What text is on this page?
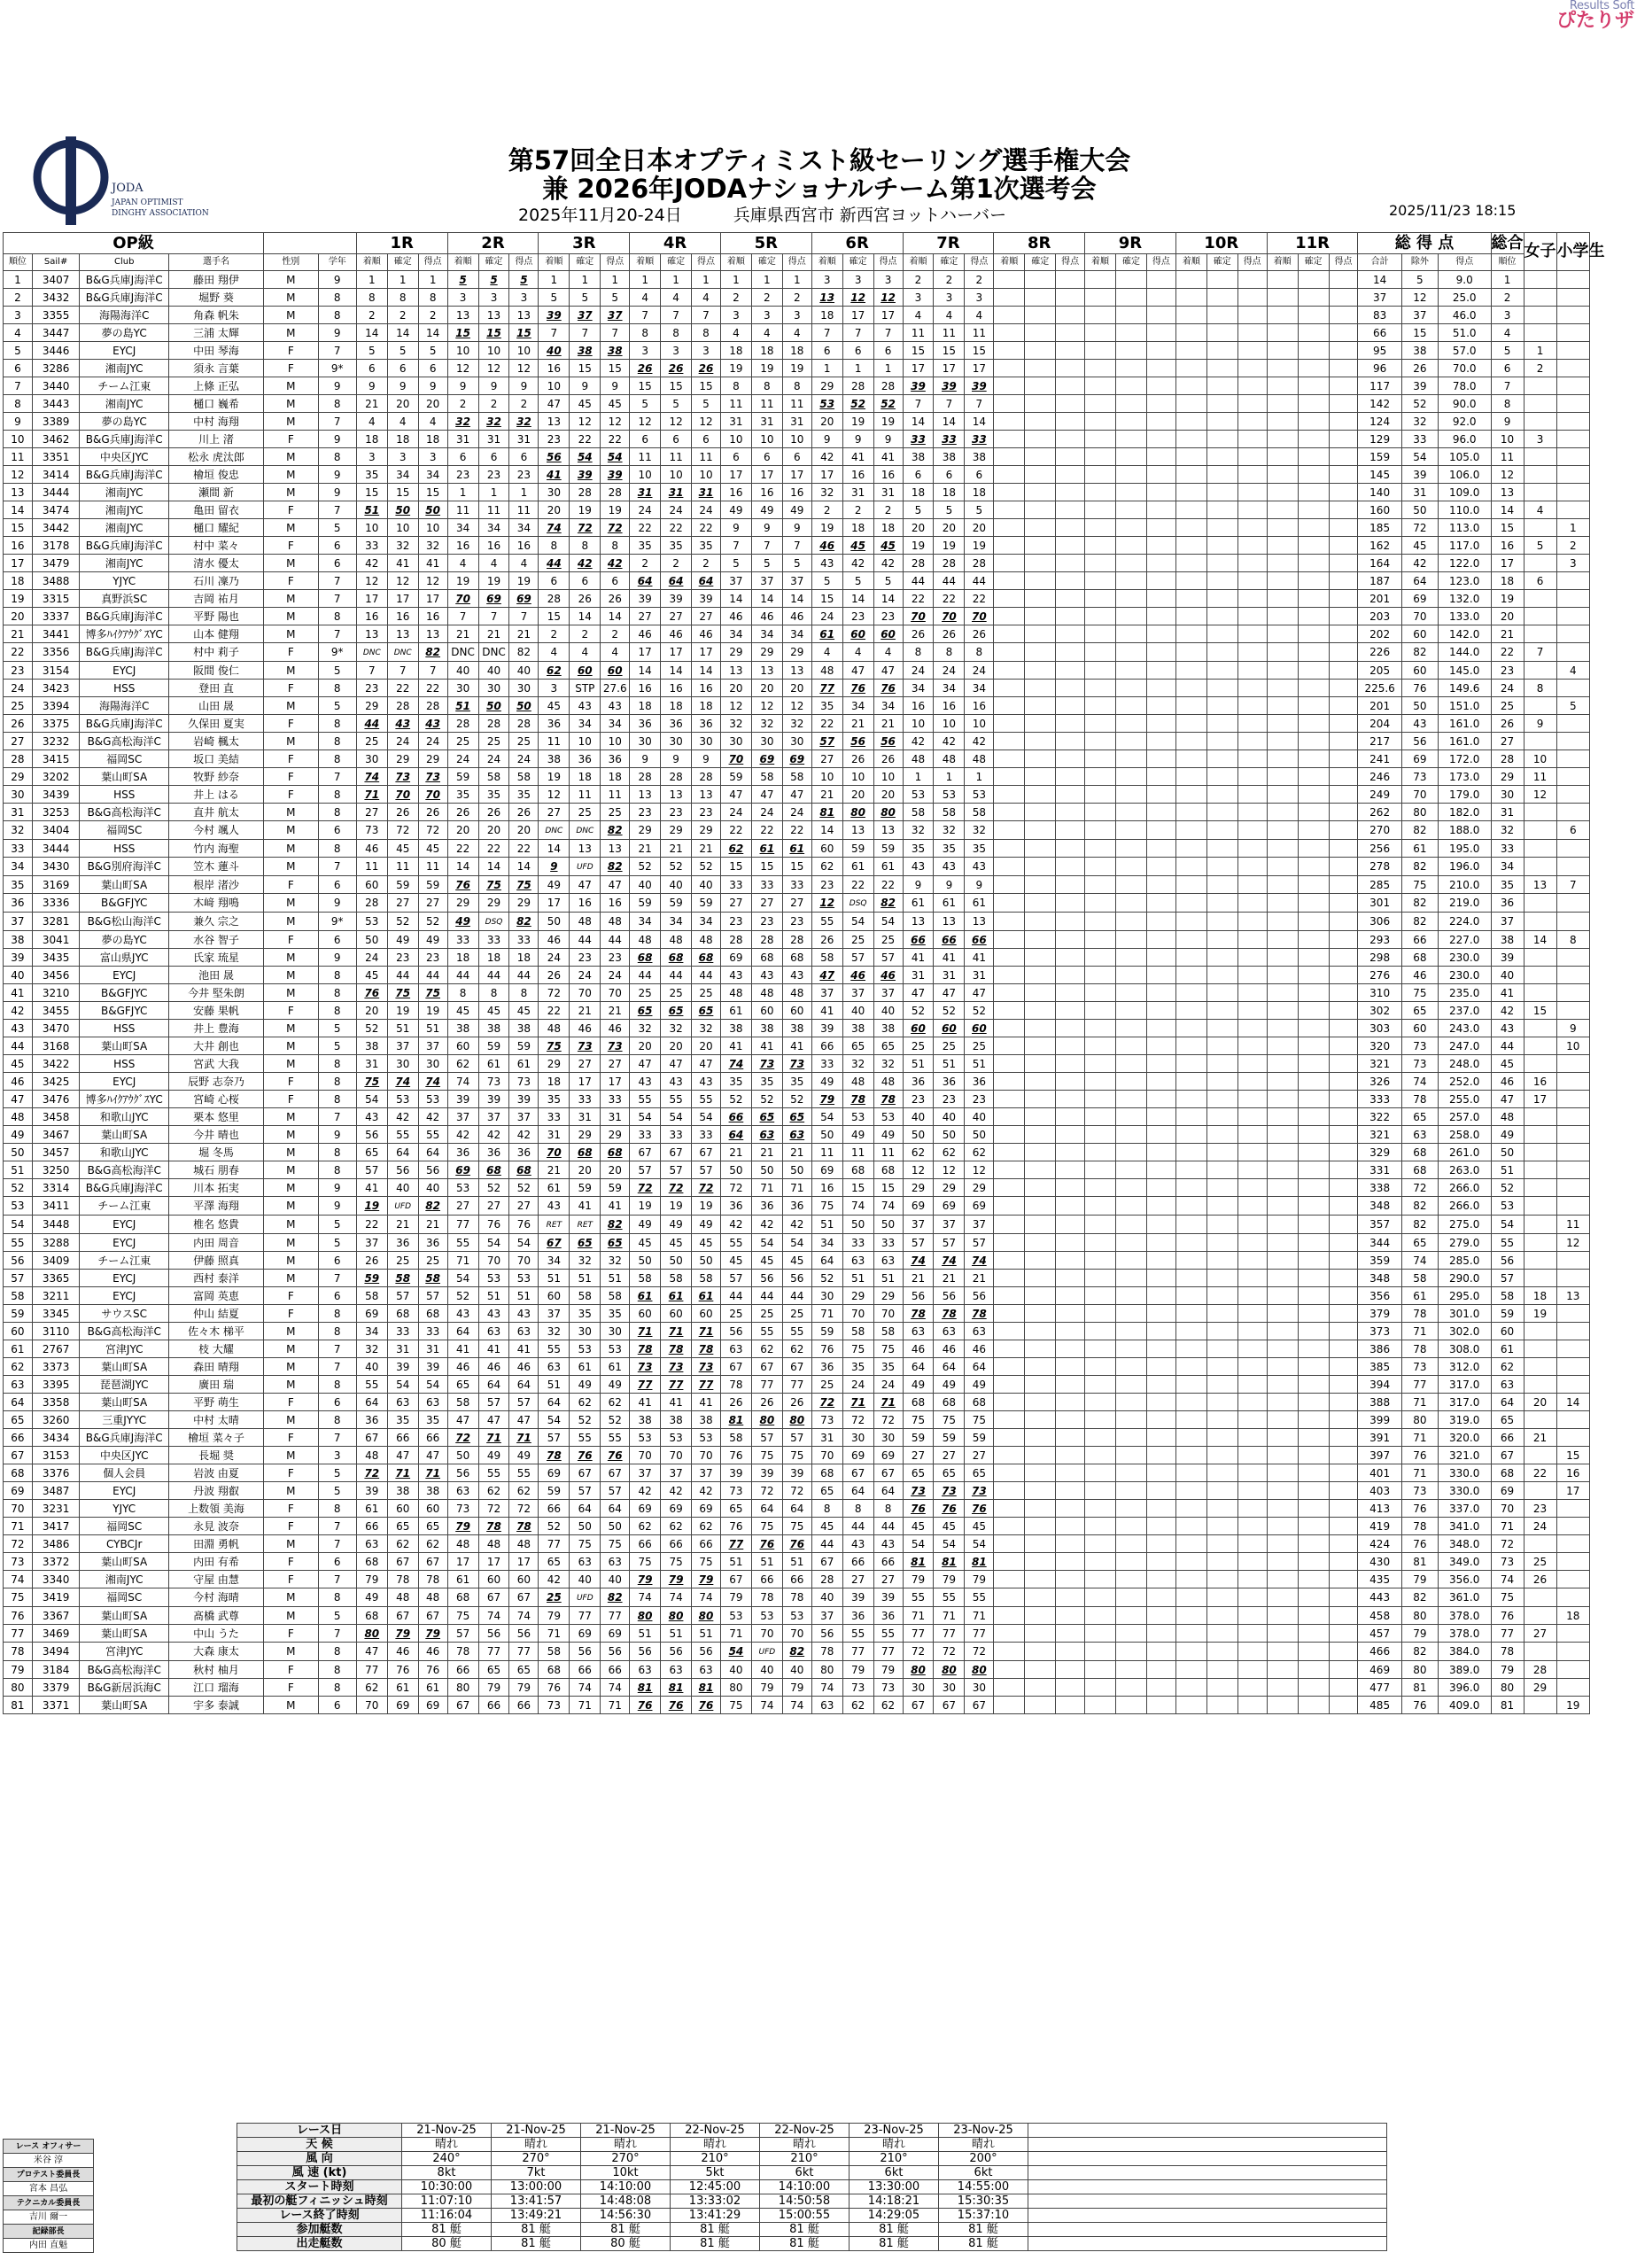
Results Soft
ぴたりザ
JODA
JAPAN OPTIMIST
DINGHY ASSOCIATION
第57回全日本オプティミスト級セーリング選手権大会
兼 2026年JODAナショナルチーム第1次選考会
2025年11月20-24日	兵庫県西宮市 新西宮ヨットハーバー	2025/11/23 18:15
OP級						1R			2R			3R			4R			5R			6R			7R			8R			9R			10R			11R			総 得 点			総合	女子	小学生
順位	Sail#	Club	選手名	性別	学年	着順	確定	得点	着順	確定	得点	着順	確定	得点	着順	確定	得点	着順	確定	得点	着順	確定	得点	着順	確定	得点	着順	確定	得点	着順	確定	得点	着順	確定	得点	着順	確定	得点	合計	除外	得点	順位		
1	3407	B&G兵庫J海洋C	藤田 翔伊	M	9	1	1	1	5	5	5	1	1	1	1	1	1	1	1	1	3	3	3	2	2	2													14	5	9.0	1		
2	3432	B&G兵庫J海洋C	堀野 葵	M	8	8	8	8	3	3	3	5	5	5	4	4	4	2	2	2	13	12	12	3	3	3													37	12	25.0	2		
3	3355	海陽海洋C	角森 帆朱	M	8	2	2	2	13	13	13	39	37	37	7	7	7	3	3	3	18	17	17	4	4	4													83	37	46.0	3		
4	3447	夢の島YC	三浦 太輝	M	9	14	14	14	15	15	15	7	7	7	8	8	8	4	4	4	7	7	7	11	11	11													66	15	51.0	4		
5	3446	EYCJ	中田 琴海	F	7	5	5	5	10	10	10	40	38	38	3	3	3	18	18	18	6	6	6	15	15	15													95	38	57.0	5	1	
6	3286	湘南JYC	須永 言葉	F	9*	6	6	6	12	12	12	16	15	15	26	26	26	19	19	19	1	1	1	17	17	17													96	26	70.0	6	2	
7	3440	チーム江東	上條 正弘	M	9	9	9	9	9	9	9	10	9	9	15	15	15	8	8	8	29	28	28	39	39	39													117	39	78.0	7		
8	3443	湘南JYC	樋口 巍希	M	8	21	20	20	2	2	2	47	45	45	5	5	5	11	11	11	53	52	52	7	7	7													142	52	90.0	8		
9	3389	夢の島YC	中村 海翔	M	7	4	4	4	32	32	32	13	12	12	12	12	12	31	31	31	20	19	19	14	14	14													124	32	92.0	9		
10	3462	B&G兵庫J海洋C	川上 渚	F	9	18	18	18	31	31	31	23	22	22	6	6	6	10	10	10	9	9	9	33	33	33													129	33	96.0	10	3	
11	3351	中央区JYC	松永 虎汰郎	M	8	3	3	3	6	6	6	56	54	54	11	11	11	6	6	6	42	41	41	38	38	38													159	54	105.0	11		
12	3414	B&G兵庫J海洋C	檜垣 俊忠	M	9	35	34	34	23	23	23	41	39	39	10	10	10	17	17	17	17	16	16	6	6	6													145	39	106.0	12		
13	3444	湘南JYC	瀬間 新	M	9	15	15	15	1	1	1	30	28	28	31	31	31	16	16	16	32	31	31	18	18	18													140	31	109.0	13		
14	3474	湘南JYC	亀田 留衣	F	7	51	50	50	11	11	11	20	19	19	24	24	24	49	49	49	2	2	2	5	5	5													160	50	110.0	14	4	
15	3442	湘南JYC	樋口 耀紀	M	5	10	10	10	34	34	34	74	72	72	22	22	22	9	9	9	19	18	18	20	20	20													185	72	113.0	15		1
16	3178	B&G兵庫J海洋C	村中 菜々	F	6	33	32	32	16	16	16	8	8	8	35	35	35	7	7	7	46	45	45	19	19	19													162	45	117.0	16	5	2
17	3479	湘南JYC	清水 優太	M	6	42	41	41	4	4	4	44	42	42	2	2	2	5	5	5	43	42	42	28	28	28													164	42	122.0	17		3
18	3488	YJYC	石川 凜乃	F	7	12	12	12	19	19	19	6	6	6	64	64	64	37	37	37	5	5	5	44	44	44													187	64	123.0	18	6	
19	3315	真野浜SC	吉岡 祐月	M	7	17	17	17	70	69	69	28	26	26	39	39	39	14	14	14	15	14	14	22	22	22													201	69	132.0	19		
20	3337	B&G兵庫J海洋C	平野 陽也	M	8	16	16	16	7	7	7	15	14	14	27	27	27	46	46	46	24	23	23	70	70	70													203	70	133.0	20		
21	3441	博多ﾊｲｸｱｳｸﾞｽYC	山本 健翔	M	7	13	13	13	21	21	21	2	2	2	46	46	46	34	34	34	61	60	60	26	26	26													202	60	142.0	21		
22	3356	B&G兵庫J海洋C	村中 莉子	F	9*	DNC	DNC	82	DNC	DNC	82	4	4	4	17	17	17	29	29	29	4	4	4	8	8	8													226	82	144.0	22	7	
23	3154	EYCJ	阪間 俊仁	M	5	7	7	7	40	40	40	62	60	60	14	14	14	13	13	13	48	47	47	24	24	24													205	60	145.0	23		4
24	3423	HSS	登田 直	F	8	23	22	22	30	30	30	3	STP	27.6	16	16	16	20	20	20	77	76	76	34	34	34													225.6	76	149.6	24	8	
25	3394	海陽海洋C	山田 晟	M	5	29	28	28	51	50	50	45	43	43	18	18	18	12	12	12	35	34	34	16	16	16													201	50	151.0	25		5
26	3375	B&G兵庫J海洋C	久保田 夏実	F	8	44	43	43	28	28	28	36	34	34	36	36	36	32	32	32	22	21	21	10	10	10													204	43	161.0	26	9	
27	3232	B&G高松海洋C	岩崎 楓太	M	8	25	24	24	25	25	25	11	10	10	30	30	30	30	30	30	57	56	56	42	42	42													217	56	161.0	27		
28	3415	福岡SC	坂口 美結	F	8	30	29	29	24	24	24	38	36	36	9	9	9	70	69	69	27	26	26	48	48	48													241	69	172.0	28	10	
29	3202	葉山町SA	牧野 紗奈	F	7	74	73	73	59	58	58	19	18	18	28	28	28	59	58	58	10	10	10	1	1	1													246	73	173.0	29	11	
30	3439	HSS	井上 はる	F	8	71	70	70	35	35	35	12	11	11	13	13	13	47	47	47	21	20	20	53	53	53													249	70	179.0	30	12	
31	3253	B&G高松海洋C	直井 航太	M	8	27	26	26	26	26	26	27	25	25	23	23	23	24	24	24	81	80	80	58	58	58													262	80	182.0	31		
32	3404	福岡SC	今村 颯人	M	6	73	72	72	20	20	20	DNC	DNC	82	29	29	29	22	22	22	14	13	13	32	32	32													270	82	188.0	32		6
33	3444	HSS	竹内 海聖	M	8	46	45	45	22	22	22	14	13	13	21	21	21	62	61	61	60	59	59	35	35	35													256	61	195.0	33		
34	3430	B&G別府海洋C	笠木 蓮斗	M	7	11	11	11	14	14	14	9	UFD	82	52	52	52	15	15	15	62	61	61	43	43	43													278	82	196.0	34		
35	3169	葉山町SA	根岸 渚沙	F	6	60	59	59	76	75	75	49	47	47	40	40	40	33	33	33	23	22	22	9	9	9													285	75	210.0	35	13	7
36	3336	B&GFJYC	木﨑 翔鳴	M	9	28	27	27	29	29	29	17	16	16	59	59	59	27	27	27	12	DSQ	82	61	61	61													301	82	219.0	36		
37	3281	B&G松山海洋C	兼久 宗之	M	9*	53	52	52	49	DSQ	82	50	48	48	34	34	34	23	23	23	55	54	54	13	13	13													306	82	224.0	37		
38	3041	夢の島YC	水谷 智子	F	6	50	49	49	33	33	33	46	44	44	48	48	48	28	28	28	26	25	25	66	66	66													293	66	227.0	38	14	8
39	3435	富山県JYC	氏家 琉星	M	9	24	23	23	18	18	18	24	23	23	68	68	68	69	68	68	58	57	57	41	41	41													298	68	230.0	39		
40	3456	EYCJ	池田 晟	M	8	45	44	44	44	44	44	26	24	24	44	44	44	43	43	43	47	46	46	31	31	31													276	46	230.0	40		
41	3210	B&GFJYC	今井 堅朱朗	M	8	76	75	75	8	8	8	72	70	70	25	25	25	48	48	48	37	37	37	47	47	47													310	75	235.0	41		
42	3455	B&GFJYC	安藤 果帆	F	8	20	19	19	45	45	45	22	21	21	65	65	65	61	60	60	41	40	40	52	52	52													302	65	237.0	42	15	
43	3470	HSS	井上 豊海	M	5	52	51	51	38	38	38	48	46	46	32	32	32	38	38	38	39	38	38	60	60	60													303	60	243.0	43		9
44	3168	葉山町SA	大井 創也	M	5	38	37	37	60	59	59	75	73	73	20	20	20	41	41	41	66	65	65	25	25	25													320	73	247.0	44		10
45	3422	HSS	宮武 大我	M	8	31	30	30	62	61	61	29	27	27	47	47	47	74	73	73	33	32	32	51	51	51													321	73	248.0	45		
46	3425	EYCJ	辰野 志奈乃	F	8	75	74	74	74	73	73	18	17	17	43	43	43	35	35	35	49	48	48	36	36	36													326	74	252.0	46	16	
47	3476	博多ﾊｲｸｱｳｸﾞｽYC	宮崎 心桜	F	8	54	53	53	39	39	39	35	33	33	55	55	55	52	52	52	79	78	78	23	23	23													333	78	255.0	47	17	
48	3458	和歌山JYC	栗本 悠里	M	7	43	42	42	37	37	37	33	31	31	54	54	54	66	65	65	54	53	53	40	40	40													322	65	257.0	48		
49	3467	葉山町SA	今井 晴也	M	9	56	55	55	42	42	42	31	29	29	33	33	33	64	63	63	50	49	49	50	50	50													321	63	258.0	49		
50	3457	和歌山JYC	堀 冬馬	M	8	65	64	64	36	36	36	70	68	68	67	67	67	21	21	21	11	11	11	62	62	62													329	68	261.0	50		
51	3250	B&G高松海洋C	城石 朋春	M	8	57	56	56	69	68	68	21	20	20	57	57	57	50	50	50	69	68	68	12	12	12													331	68	263.0	51		
52	3314	B&G兵庫J海洋C	川本 拓実	M	9	41	40	40	53	52	52	61	59	59	72	72	72	72	71	71	16	15	15	29	29	29													338	72	266.0	52		
53	3411	チーム江東	平澤 海翔	M	9	19	UFD	82	27	27	27	43	41	41	19	19	19	36	36	36	75	74	74	69	69	69													348	82	266.0	53		
54	3448	EYCJ	椎名 悠貴	M	5	22	21	21	77	76	76	RET	RET	82	49	49	49	42	42	42	51	50	50	37	37	37													357	82	275.0	54		11
55	3288	EYCJ	内田 周音	M	5	37	36	36	55	54	54	67	65	65	45	45	45	55	54	54	34	33	33	57	57	57													344	65	279.0	55		12
56	3409	チーム江東	伊藤 照真	M	6	26	25	25	71	70	70	34	32	32	50	50	50	45	45	45	64	63	63	74	74	74													359	74	285.0	56		
57	3365	EYCJ	西村 泰洋	M	7	59	58	58	54	53	53	51	51	51	58	58	58	57	56	56	52	51	51	21	21	21													348	58	290.0	57		
58	3211	EYCJ	富岡 英恵	F	6	58	57	57	52	51	51	60	58	58	61	61	61	44	44	44	30	29	29	56	56	56													356	61	295.0	58	18	13
59	3345	サウスSC	仲山 結夏	F	8	69	68	68	43	43	43	37	35	35	60	60	60	25	25	25	71	70	70	78	78	78													379	78	301.0	59	19	
60	3110	B&G高松海洋C	佐々木 梯平	M	8	34	33	33	64	63	63	32	30	30	71	71	71	56	55	55	59	58	58	63	63	63													373	71	302.0	60		
61	2767	宮津JYC	枝 大耀	M	7	32	31	31	41	41	41	55	53	53	78	78	78	63	62	62	76	75	75	46	46	46													386	78	308.0	61		
62	3373	葉山町SA	森田 晴翔	M	7	40	39	39	46	46	46	63	61	61	73	73	73	67	67	67	36	35	35	64	64	64													385	73	312.0	62		
63	3395	琵琶湖JYC	廣田 瑞	M	8	55	54	54	65	64	64	51	49	49	77	77	77	78	77	77	25	24	24	49	49	49													394	77	317.0	63		
64	3358	葉山町SA	平野 萌生	F	6	64	63	63	58	57	57	64	62	62	41	41	41	26	26	26	72	71	71	68	68	68													388	71	317.0	64	20	14
65	3260	三重JYYC	中村 太晴	M	8	36	35	35	47	47	47	54	52	52	38	38	38	81	80	80	73	72	72	75	75	75													399	80	319.0	65		
66	3434	B&G兵庫J海洋C	檜垣 菜々子	F	7	67	66	66	72	71	71	57	55	55	53	53	53	58	57	57	31	30	30	59	59	59													391	71	320.0	66	21	
67	3153	中央区JYC	長堀 奨	M	3	48	47	47	50	49	49	78	76	76	70	70	70	76	75	75	70	69	69	27	27	27													397	76	321.0	67		15
68	3376	個人会員	岩波 由夏	F	5	72	71	71	56	55	55	69	67	67	37	37	37	39	39	39	68	67	67	65	65	65													401	71	330.0	68	22	16
69	3487	EYCJ	丹波 翔叡	M	5	39	38	38	63	62	62	59	57	57	42	42	42	73	72	72	65	64	64	73	73	73													403	73	330.0	69		17
70	3231	YJYC	上数領 美海	F	8	61	60	60	73	72	72	66	64	64	69	69	69	65	64	64	8	8	8	76	76	76													413	76	337.0	70	23	
71	3417	福岡SC	永見 波奈	F	7	66	65	65	79	78	78	52	50	50	62	62	62	76	75	75	45	44	44	45	45	45													419	78	341.0	71	24	
72	3486	CYBCJr	田淵 勇帆	M	7	63	62	62	48	48	48	77	75	75	66	66	66	77	76	76	44	43	43	54	54	54													424	76	348.0	72		
73	3372	葉山町SA	内田 有希	F	6	68	67	67	17	17	17	65	63	63	75	75	75	51	51	51	67	66	66	81	81	81													430	81	349.0	73	25	
74	3340	湘南JYC	守屋 由慧	F	7	79	78	78	61	60	60	42	40	40	79	79	79	67	66	66	28	27	27	79	79	79													435	79	356.0	74	26	
75	3419	福岡SC	今村 海晴	M	8	49	48	48	68	67	67	25	UFD	82	74	74	74	79	78	78	40	39	39	55	55	55													443	82	361.0	75		
76	3367	葉山町SA	髙橋 武尊	M	5	68	67	67	75	74	74	79	77	77	80	80	80	53	53	53	37	36	36	71	71	71													458	80	378.0	76		18
77	3469	葉山町SA	中山 うた	F	7	80	79	79	57	56	56	71	69	69	51	51	51	71	70	70	56	55	55	77	77	77													457	79	378.0	77	27	
78	3494	宮津JYC	大森 康太	M	8	47	46	46	78	77	77	58	56	56	56	56	56	54	UFD	82	78	77	77	72	72	72													466	82	384.0	78		
79	3184	B&G高松海洋C	秋村 柚月	F	8	77	76	76	66	65	65	68	66	66	63	63	63	40	40	40	80	79	79	80	80	80													469	80	389.0	79	28	
80	3379	B&G新居浜海C	江口 瑠海	F	8	62	61	61	80	79	79	76	74	74	81	81	81	80	79	79	74	73	73	30	30	30													477	81	396.0	80	29	
81	3371	葉山町SA	宇多 泰誠	M	6	70	69	69	67	66	66	73	71	71	76	76	76	75	74	74	63	62	62	67	67	67													485	76	409.0	81		19
レース オフィサー
米谷 淳
プロテスト委員長
宮本 昌弘
テクニカル委員長
吉川 爾一
記録部長
内田 直魁
レース日	21-Nov-25	21-Nov-25	21-Nov-25	22-Nov-25	22-Nov-25	23-Nov-25	23-Nov-25	
天 候	晴れ	晴れ	晴れ	晴れ	晴れ	晴れ	晴れ	
風 向	240°	270°	270°	210°	210°	210°	200°	
風 速 (kt)	8kt	7kt	10kt	5kt	6kt	6kt	6kt	
スタート時刻	10:30:00	13:00:00	14:10:00	12:45:00	14:10:00	13:30:00	14:55:00	
最初の艇フィニッシュ時刻	11:07:10	13:41:57	14:48:08	13:33:02	14:50:58	14:18:21	15:30:35	
レース終了時刻	11:16:04	13:49:21	14:56:30	13:41:29	15:00:55	14:29:05	15:37:10	
参加艇数	81 艇	81 艇	81 艇	81 艇	81 艇	81 艇	81 艇	
出走艇数	80 艇	81 艇	80 艇	81 艇	81 艇	81 艇	81 艇	
